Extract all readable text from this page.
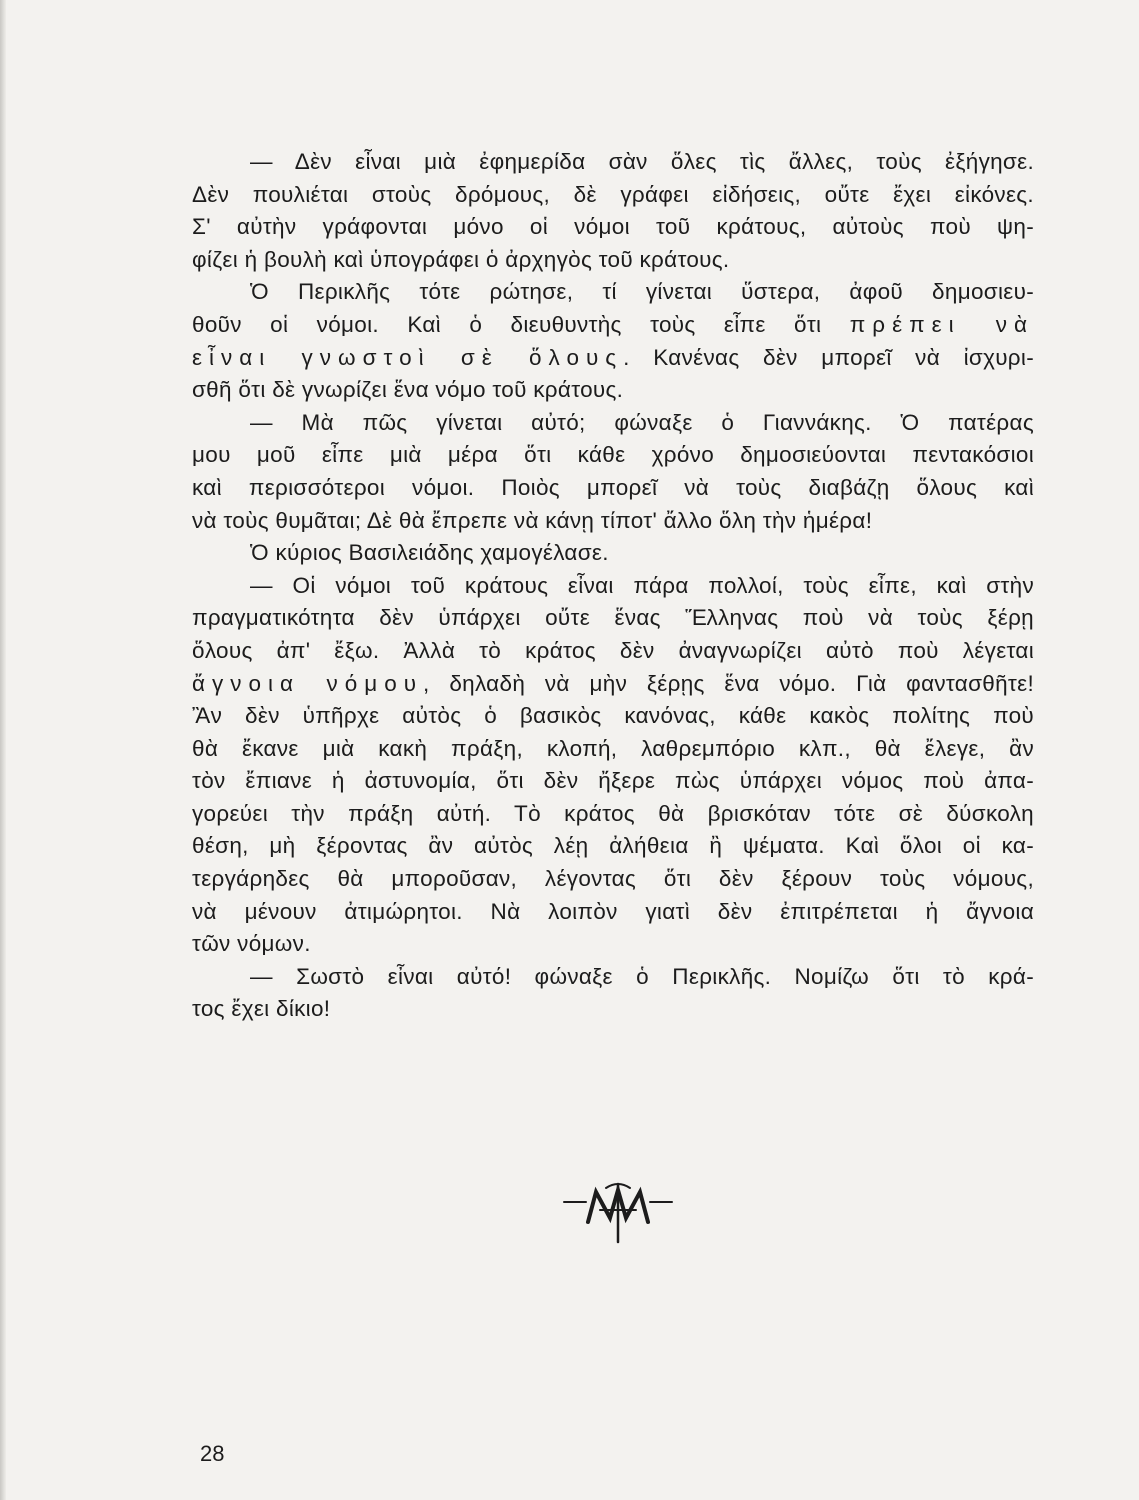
— Δὲν εἶναι μιὰ ἐφημερίδα σὰν ὅλες τὶς ἄλλες, τοὺς ἐξήγησε.
Δὲν πουλιέται στοὺς δρόμους, δὲ γράφει εἰδήσεις, οὔτε ἔχει εἰκόνες.
Σ' αὐτὴν γράφονται μόνο οἱ νόμοι τοῦ κράτους, αὐτοὺς ποὺ ψη-
φίζει ἡ βουλὴ καὶ ὑπογράφει ὁ ἀρχηγὸς τοῦ κράτους.
Ὁ Περικλῆς τότε ρώτησε, τί γίνεται ὕστερα, ἀφοῦ δημοσιευ-
θοῦν οἱ νόμοι. Καὶ ὁ διευθυντὴς τοὺς εἶπε ὅτι πρέπει νὰ
εἶναι γνωστοὶ σὲ ὅλους. Κανένας δὲν μπορεῖ νὰ ἰσχυρι-
σθῆ ὅτι δὲ γνωρίζει ἕνα νόμο τοῦ κράτους.
— Μὰ πῶς γίνεται αὐτό; φώναξε ὁ Γιαννάκης. Ὁ πατέρας
μου μοῦ εἶπε μιὰ μέρα ὅτι κάθε χρόνο δημοσιεύονται πεντακόσιοι
καὶ περισσότεροι νόμοι. Ποιὸς μπορεῖ νὰ τοὺς διαβάζῃ ὅλους καὶ
νὰ τοὺς θυμᾶται; Δὲ θὰ ἔπρεπε νὰ κάνῃ τίποτ' ἄλλο ὅλη τὴν ἡμέρα!
Ὁ κύριος Βασιλειάδης χαμογέλασε.
— Οἱ νόμοι τοῦ κράτους εἶναι πάρα πολλοί, τοὺς εἶπε, καὶ στὴν
πραγματικότητα δὲν ὑπάρχει οὔτε ἕνας Ἕλληνας ποὺ νὰ τοὺς ξέρῃ
ὅλους ἀπ' ἔξω. Ἀλλὰ τὸ κράτος δὲν ἀναγνωρίζει αὐτὸ ποὺ λέγεται
ἄγνοια νόμου, δηλαδὴ νὰ μὴν ξέρῃς ἕνα νόμο. Γιὰ φαντασθῆτε!
Ἂν δὲν ὑπῆρχε αὐτὸς ὁ βασικὸς κανόνας, κάθε κακὸς πολίτης ποὺ
θὰ ἔκανε μιὰ κακὴ πράξη, κλοπή, λαθρεμπόριο κλπ., θὰ ἔλεγε, ἂν
τὸν ἔπιανε ἡ ἀστυνομία, ὅτι δὲν ἤξερε πὼς ὑπάρχει νόμος ποὺ ἀπα-
γορεύει τὴν πράξη αὐτή. Τὸ κράτος θὰ βρισκόταν τότε σὲ δύσκολη
θέση, μὴ ξέροντας ἂν αὐτὸς λέῃ ἀλήθεια ἢ ψέματα. Καὶ ὅλοι οἱ κα-
τεργάρηδες θὰ μποροῦσαν, λέγοντας ὅτι δὲν ξέρουν τοὺς νόμους,
νὰ μένουν ἀτιμώρητοι. Νὰ λοιπὸν γιατὶ δὲν ἐπιτρέπεται ἡ ἄγνοια
τῶν νόμων.
— Σωστὸ εἶναι αὐτό! φώναξε ὁ Περικλῆς. Νομίζω ὅτι τὸ κρά-
τος ἔχει δίκιο!
28
